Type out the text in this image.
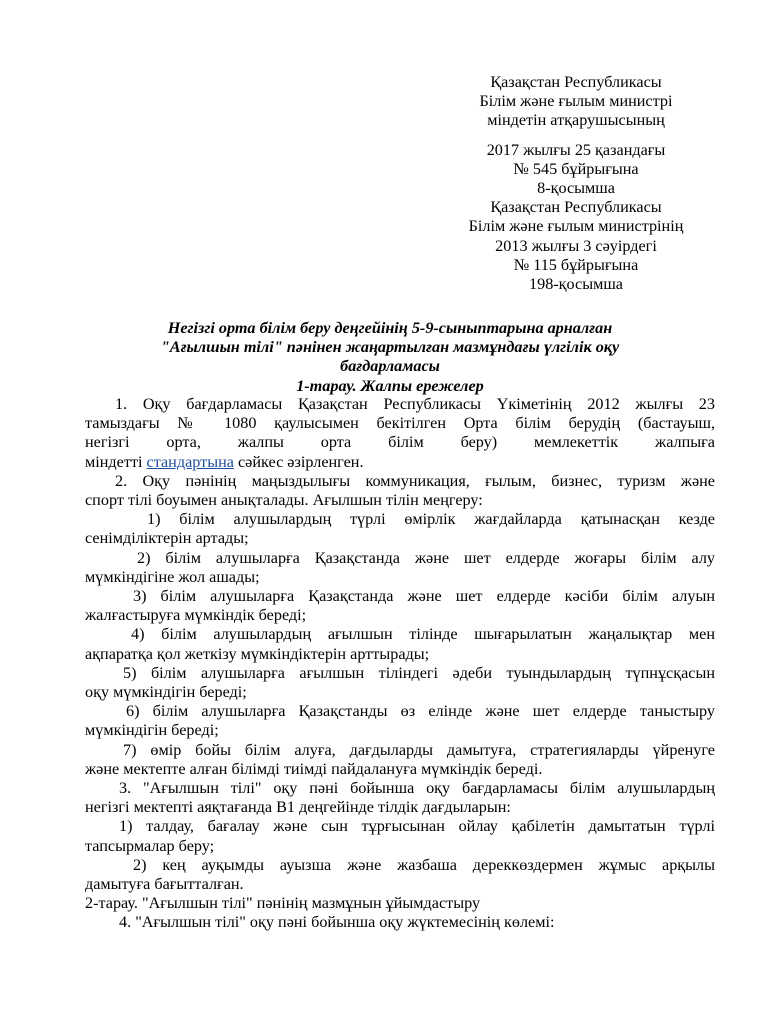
Қазақстан Республикасы
Білім және ғылым министрі
міндетін атқарушысының
2017 жылғы 25 қазандағы
№ 545 бұйрығына
8-қосымша
Қазақстан Республикасы
Білім және ғылым министрінің
2013 жылғы 3 сәуірдегі
№ 115 бұйрығына
198-қосымша
Негізгі орта білім беру деңгейінің 5-9-сыныптарына арналған
"Ағылшын тілі" пәнінен жаңартылған мазмұндағы үлгілік оқу
бағдарламасы
1-тарау. Жалпы ережелер
1. Оқу бағдарламасы Қазақстан Республикасы Үкіметінің 2012 жылғы 23
тамыздағы № 1080 қаулысымен бекітілген Орта білім берудің (бастауыш,
негізгі орта, жалпы орта білім беру) мемлекеттік жалпыға
міндетті стандартына сәйкес әзірленген.
2. Оқу пәнінің маңыздылығы коммуникация, ғылым, бизнес, туризм және
спорт тілі боуымен анықталады. Ағылшын тілін меңгеру:
1) білім алушылардың түрлі өмірлік жағдайларда қатынасқан кезде
сенімділіктерін артады;
2) білім алушыларға Қазақстанда және шет елдерде жоғары білім алу
мүмкіндігіне жол ашады;
3) білім алушыларға Қазақстанда және шет елдерде кәсіби білім алуын
жалғастыруға мүмкіндік береді;
4) білім алушылардың ағылшын тілінде шығарылатын жаңалықтар мен
ақпаратқа қол жеткізу мүмкіндіктерін арттырады;
5) білім алушыларға ағылшын тіліндегі әдеби туындылардың түпнұсқасын
оқу мүмкіндігін береді;
6) білім алушыларға Қазақстанды өз елінде және шет елдерде таныстыру
мүмкіндігін береді;
7) өмір бойы білім алуға, дағдыларды дамытуға, стратегияларды үйренуге
және мектепте алған білімді тиімді пайдалануға мүмкіндік береді.
3. "Ағылшын тілі" оқу пәні бойынша оқу бағдарламасы білім алушылардың
негізгі мектепті аяқтағанда В1 деңгейінде тілдік дағдыларын:
1) талдау, бағалау және сын тұрғысынан ойлау қабілетін дамытатын түрлі
тапсырмалар беру;
2) кең ауқымды ауызша және жазбаша дереккөздермен жұмыс арқылы
дамытуға бағытталған.
2-тарау. "Ағылшын тілі" пәнінің мазмұнын ұйымдастыру
4. "Ағылшын тілі" оқу пәні бойынша оқу жүктемесінің көлемі:
